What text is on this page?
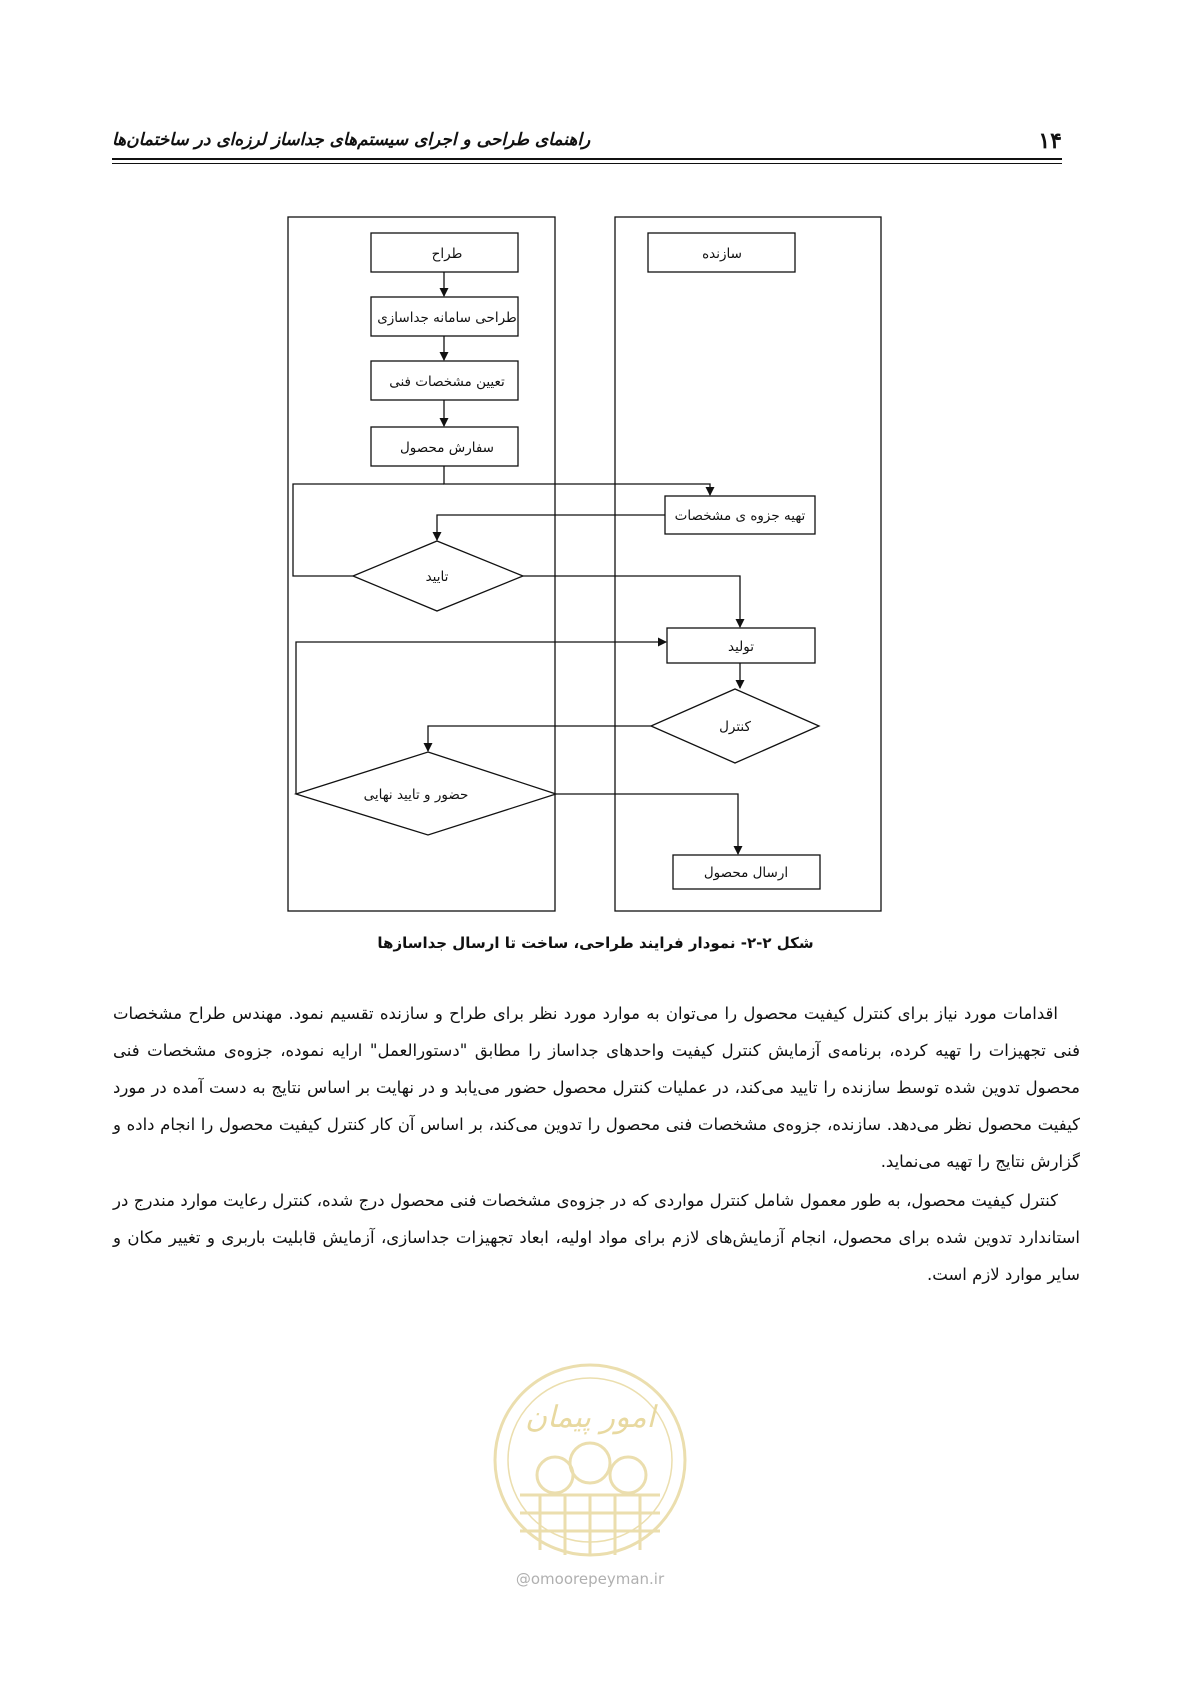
۱۴
راهنمای طراحی و اجرای سیستم‌های جداساز لرزه‌ای در ساختمان‌ها
طراح	سازنده
طراحی سامانه جداسازی
تعیین مشخصات فنی
سفارش محصول
تهیه جزوه ی مشخصات
تایید
تولید
کنترل
حضور و تایید نهایی
ارسال محصول
شکل ۲-۲- نمودار فرایند طراحی، ساخت تا ارسال جداسازها

اقدامات مورد نیاز برای کنترل کیفیت محصول را می‌توان به موارد مورد نظر برای طراح و سازنده تقسیم نمود. مهندس طراح مشخصات فنی تجهیزات را تهیه کرده، برنامه‌ی آزمایش کنترل کیفیت واحدهای جداساز را مطابق "دستورالعمل" ارایه نموده، جزوه‌ی مشخصات فنی محصول تدوین شده توسط سازنده را تایید می‌کند، در عملیات کنترل محصول حضور می‌یابد و در نهایت بر اساس نتایج به دست آمده در مورد کیفیت محصول نظر می‌دهد. سازنده، جزوه‌ی مشخصات فنی محصول را تدوین می‌کند، بر اساس آن کار کنترل کیفیت محصول را انجام داده و گزارش نتایج را تهیه می‌نماید.

کنترل کیفیت محصول، به طور معمول شامل کنترل مواردی که در جزوه‌ی مشخصات فنی محصول درج شده، کنترل رعایت موارد مندرج در استاندارد تدوین شده برای محصول، انجام آزمایش‌های لازم برای مواد اولیه، ابعاد تجهیزات جداسازی، آزمایش قابلیت باربری و تغییر مکان و سایر موارد لازم است.

امور پیمان
@omoorepeyman.ir
